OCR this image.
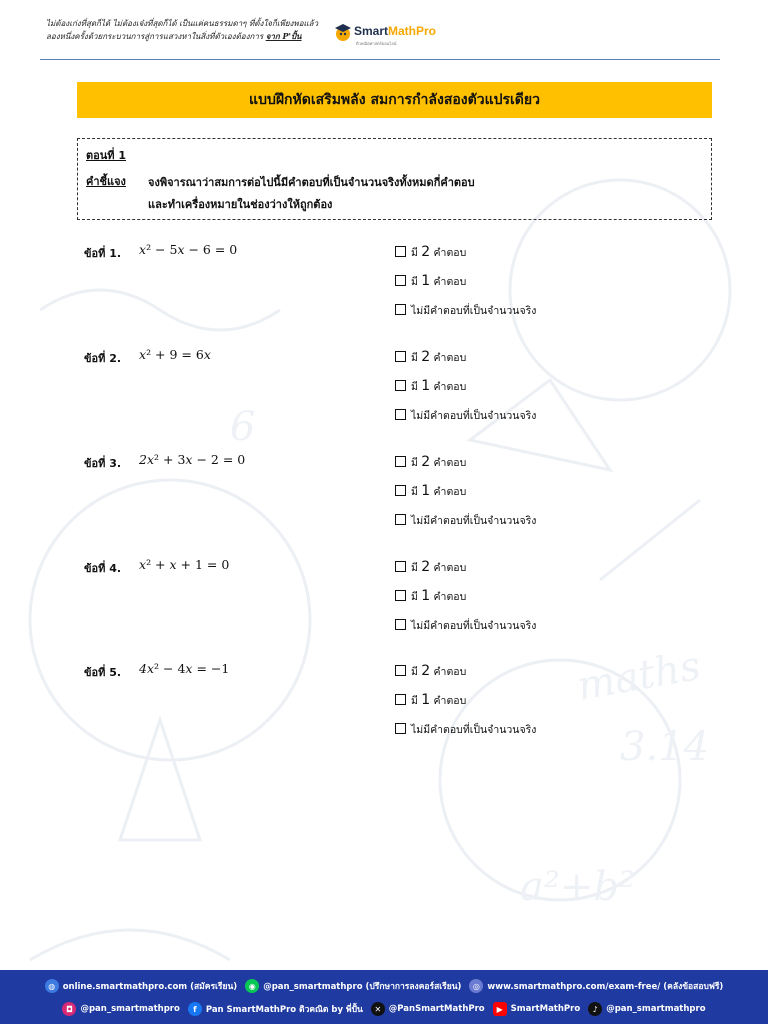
maths
3.14
6
a²+b²
ไม่ต้องเก่งที่สุดก็ได้ ไม่ต้องเจ๋งที่สุดก็ได้ เป็นแค่คนธรรมดาๆ ที่ตั้งใจก็เพียงพอแล้ว
ลองหนึ่งครั้งด้วยกระบวนการสู่การแสวงหาในสิ่งที่ตัวเองต้องการ จาก P'ปั้น	SmartMathPro
ติวคณิตศาสตร์ออนไลน์
แบบฝึกหัดเสริมพลัง สมการกำลังสองตัวแปรเดียว
ตอนที่ 1
คำชี้แจง จงพิจารณาว่าสมการต่อไปนี้มีคำตอบที่เป็นจำนวนจริงทั้งหมดกี่คำตอบ
และทำเครื่องหมายในช่องว่างให้ถูกต้อง
ข้อที่ 1. x² − 5x − 6 = 0	มี 2 คำตอบ
มี 1 คำตอบ
ไม่มีคำตอบที่เป็นจำนวนจริง
ข้อที่ 2. x² + 9 = 6x	มี 2 คำตอบ
มี 1 คำตอบ
ไม่มีคำตอบที่เป็นจำนวนจริง
ข้อที่ 3. 2x² + 3x − 2 = 0	มี 2 คำตอบ
มี 1 คำตอบ
ไม่มีคำตอบที่เป็นจำนวนจริง
ข้อที่ 4. x² + x + 1 = 0	มี 2 คำตอบ
มี 1 คำตอบ
ไม่มีคำตอบที่เป็นจำนวนจริง
ข้อที่ 5. 4x² − 4x = −1	มี 2 คำตอบ
มี 1 คำตอบ
ไม่มีคำตอบที่เป็นจำนวนจริง
◍ online.smartmathpro.com (สมัครเรียน)	◉ @pan_smartmathpro (ปรึกษาการลงคอร์สเรียน)	◎ www.smartmathpro.com/exam-free/ (คลังข้อสอบฟรี)
◘ @pan_smartmathpro	f	Pan SmartMathPro ติวคณิต by พี่ปั้น	✕ @PanSmartMathPro	▶ SmartMathPro	♪ @pan_smartmathpro
